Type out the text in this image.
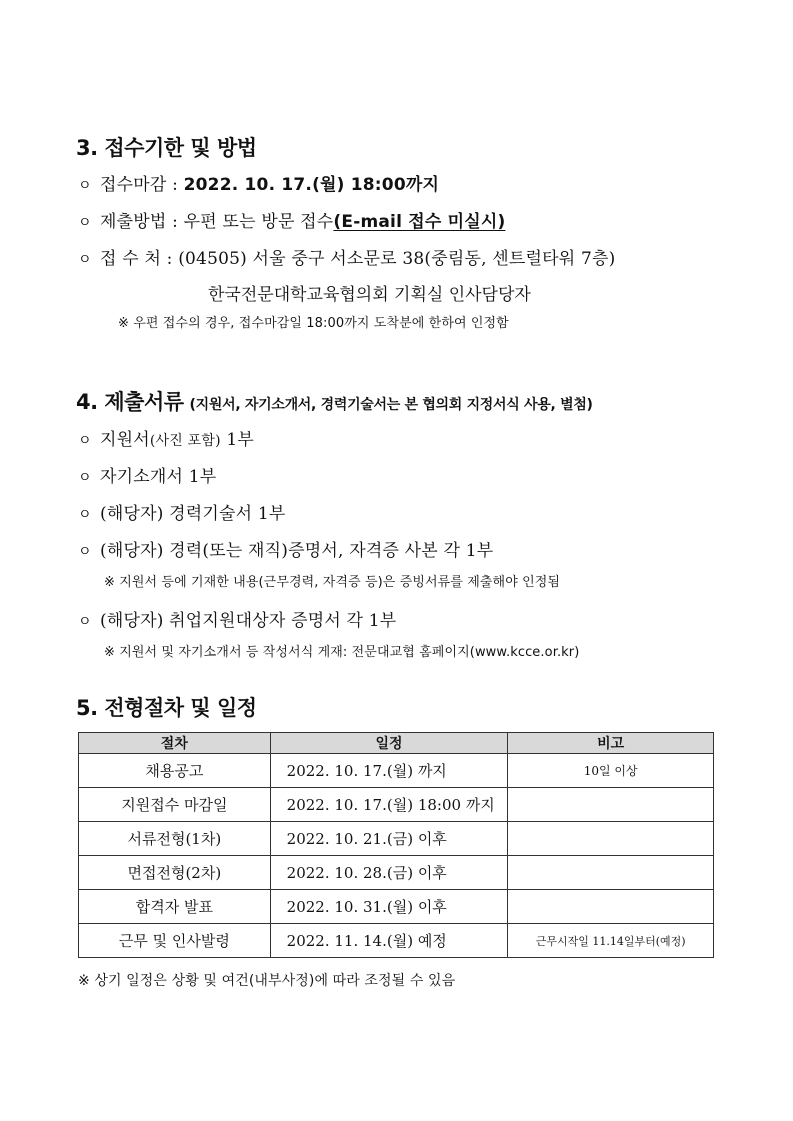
3. 접수기한 및 방법
ㅇ 접수마감 : 2022. 10. 17.(월) 18:00까지
ㅇ 제출방법 : 우편 또는 방문 접수(E-mail 접수 미실시)
ㅇ 접 수 처 : (04505) 서울 중구 서소문로 38(중림동, 센트럴타워 7층)
한국전문대학교육협의회 기획실 인사담당자
※ 우편 접수의 경우, 접수마감일 18:00까지 도착분에 한하여 인정함
4. 제출서류 (지원서, 자기소개서, 경력기술서는 본 협의회 지정서식 사용, 별첨)
ㅇ 지원서(사진 포함) 1부
ㅇ 자기소개서 1부
ㅇ (해당자) 경력기술서 1부
ㅇ (해당자) 경력(또는 재직)증명서, 자격증 사본 각 1부
※ 지원서 등에 기재한 내용(근무경력, 자격증 등)은 증빙서류를 제출해야 인정됨
ㅇ (해당자) 취업지원대상자 증명서 각 1부
※ 지원서 및 자기소개서 등 작성서식 게재: 전문대교협 홈페이지(www.kcce.or.kr)
5. 전형절차 및 일정
절차	일정	비고
채용공고	2022. 10. 17.(월) 까지	10일 이상
지원접수 마감일	2022. 10. 17.(월) 18:00 까지	
서류전형(1차)	2022. 10. 21.(금) 이후	
면접전형(2차)	2022. 10. 28.(금) 이후	
합격자 발표	2022. 10. 31.(월) 이후	
근무 및 인사발령	2022. 11. 14.(월) 예정	근무시작일 11.14일부터(예정)
※ 상기 일정은 상황 및 여건(내부사정)에 따라 조정될 수 있음
